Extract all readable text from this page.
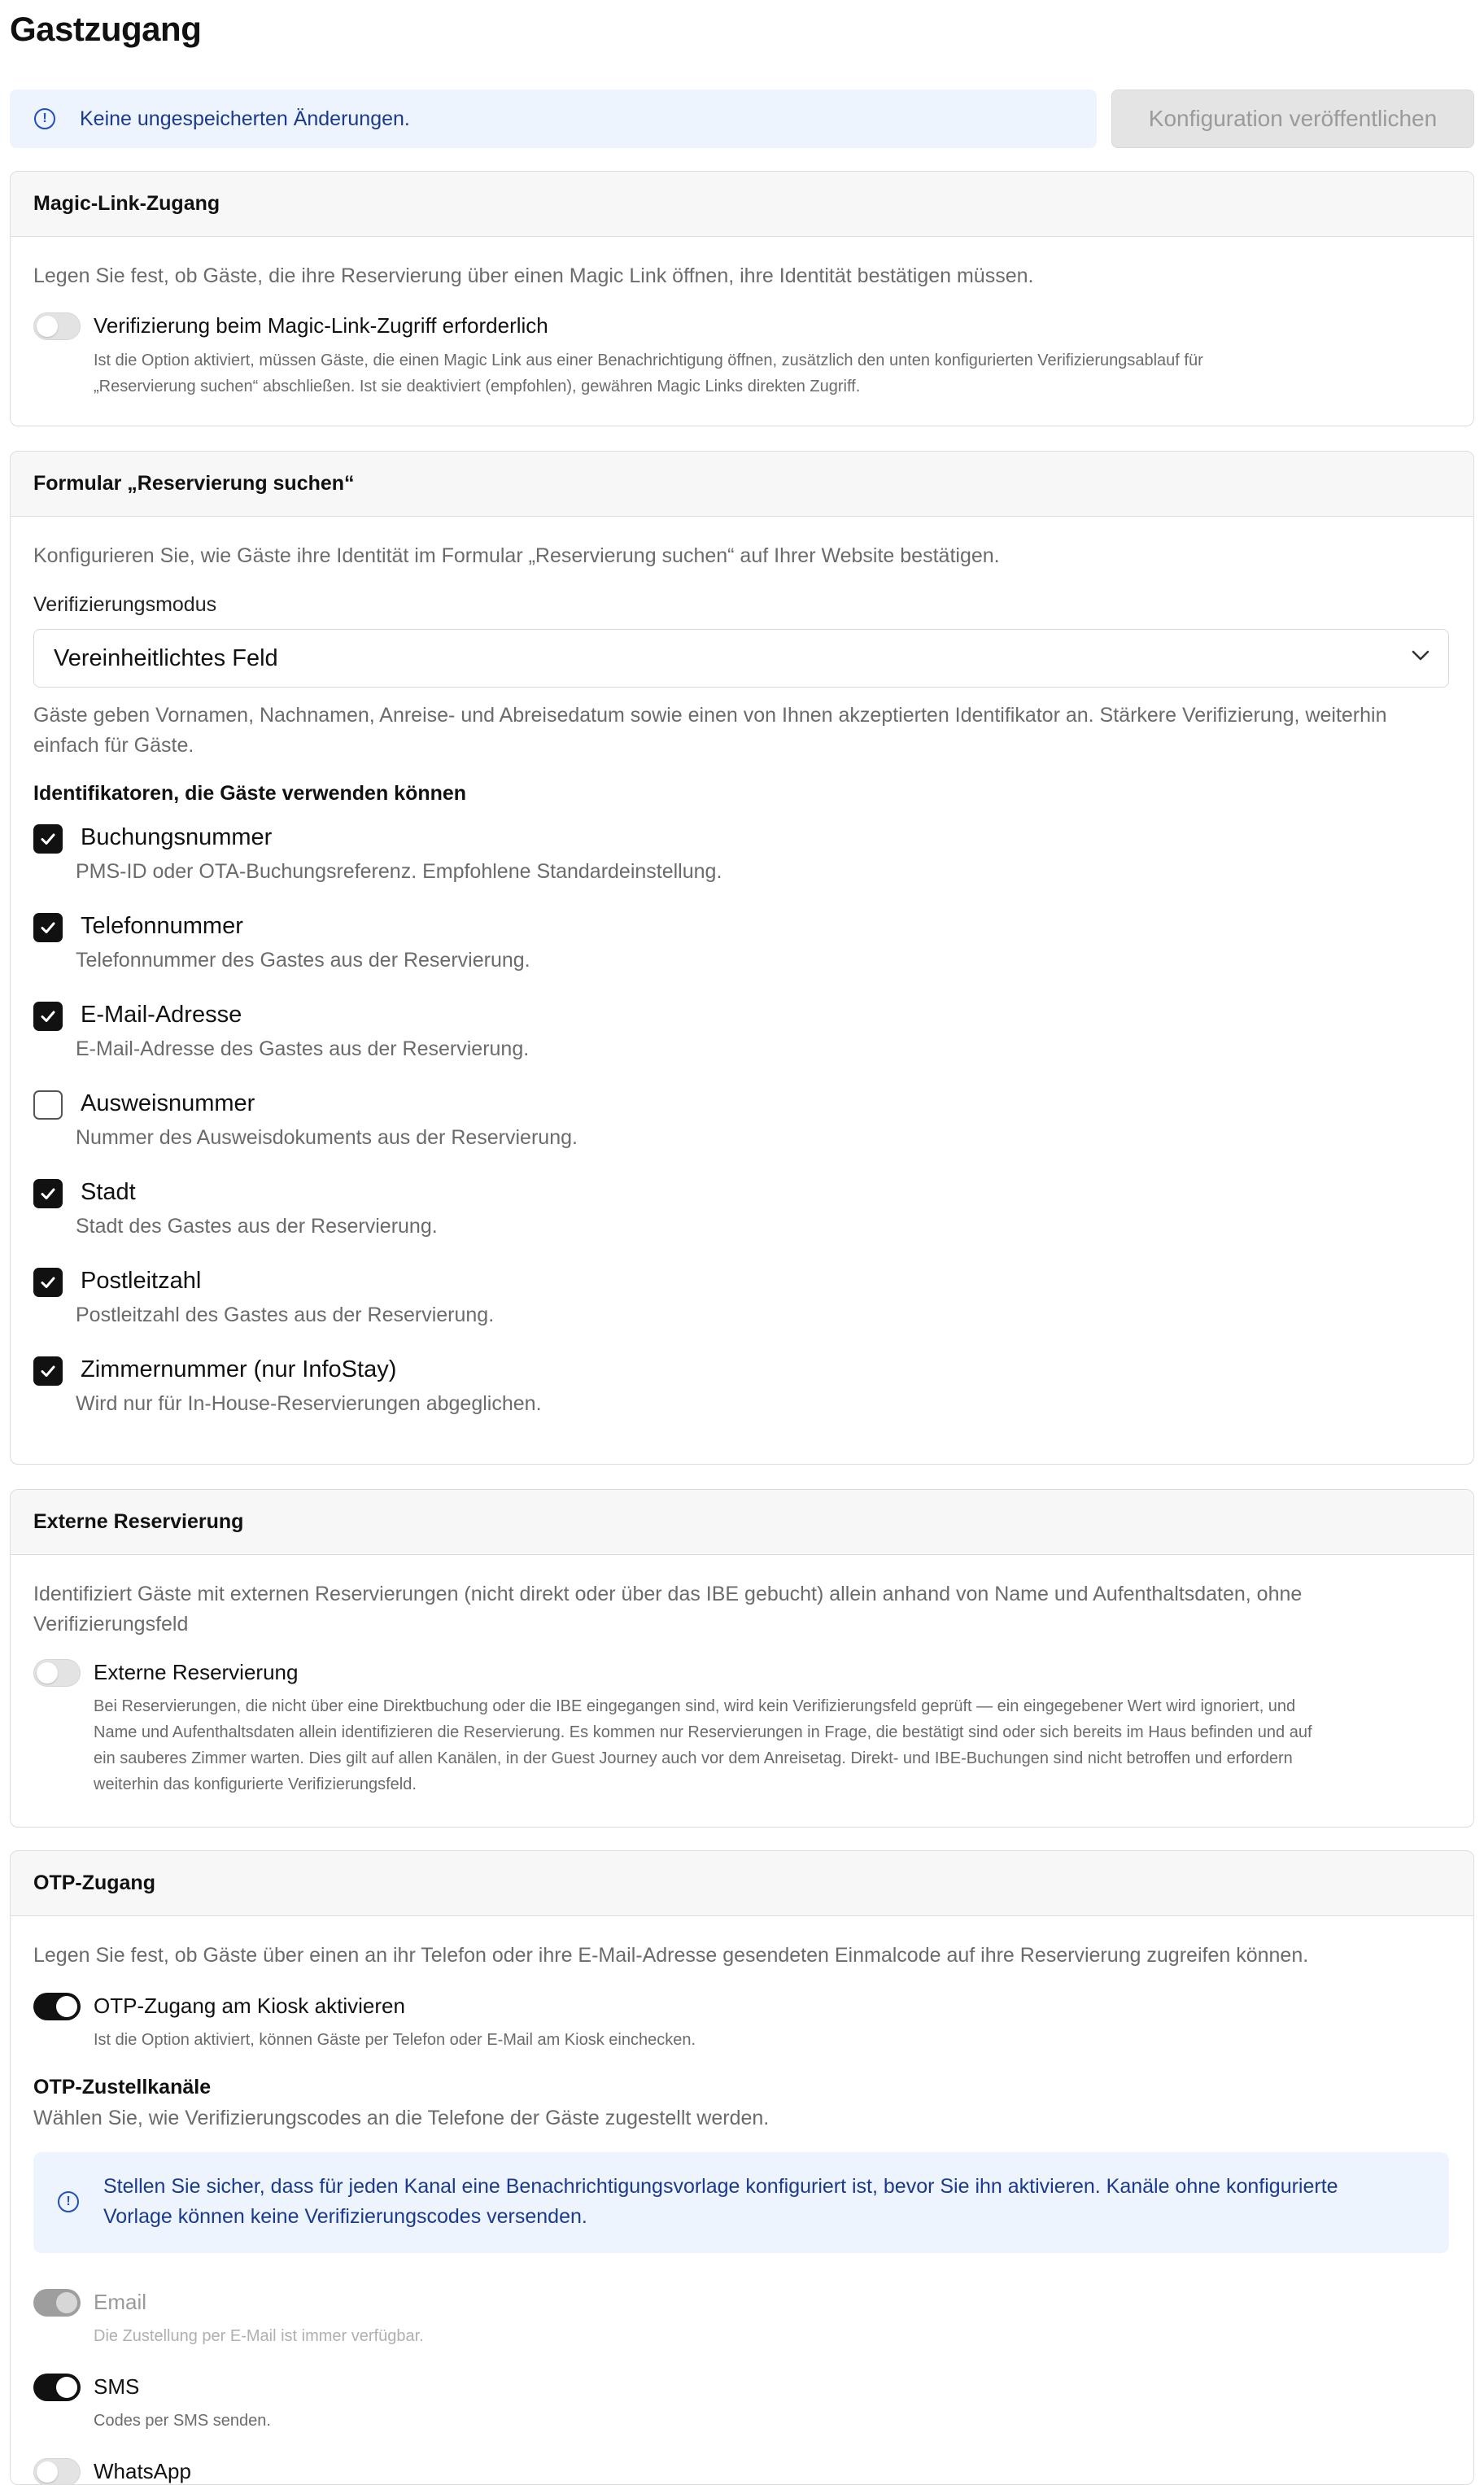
Gastzugang
!	Keine ungespeicherten Änderungen.	Konfiguration veröffentlichen
Magic-Link-Zugang
Legen Sie fest, ob Gäste, die ihre Reservierung über einen Magic Link öffnen, ihre Identität bestätigen müssen.
Verifizierung beim Magic-Link-Zugriff erforderlich
Ist die Option aktiviert, müssen Gäste, die einen Magic Link aus einer Benachrichtigung öffnen, zusätzlich den unten konfigurierten Verifizierungsablauf für
„Reservierung suchen“ abschließen. Ist sie deaktiviert (empfohlen), gewähren Magic Links direkten Zugriff.
Formular „Reservierung suchen“
Konfigurieren Sie, wie Gäste ihre Identität im Formular „Reservierung suchen“ auf Ihrer Website bestätigen.
Verifizierungsmodus
Vereinheitlichtes Feld
Gäste geben Vornamen, Nachnamen, Anreise- und Abreisedatum sowie einen von Ihnen akzeptierten Identifikator an. Stärkere Verifizierung, weiterhin
einfach für Gäste.
Identifikatoren, die Gäste verwenden können
Buchungsnummer
PMS-ID oder OTA-Buchungsreferenz. Empfohlene Standardeinstellung.
Telefonnummer
Telefonnummer des Gastes aus der Reservierung.
E-Mail-Adresse
E-Mail-Adresse des Gastes aus der Reservierung.
Ausweisnummer
Nummer des Ausweisdokuments aus der Reservierung.
Stadt
Stadt des Gastes aus der Reservierung.
Postleitzahl
Postleitzahl des Gastes aus der Reservierung.
Zimmernummer (nur InfoStay)
Wird nur für In-House-Reservierungen abgeglichen.
Externe Reservierung
Identifiziert Gäste mit externen Reservierungen (nicht direkt oder über das IBE gebucht) allein anhand von Name und Aufenthaltsdaten, ohne
Verifizierungsfeld
Externe Reservierung
Bei Reservierungen, die nicht über eine Direktbuchung oder die IBE eingegangen sind, wird kein Verifizierungsfeld geprüft — ein eingegebener Wert wird ignoriert, und
Name und Aufenthaltsdaten allein identifizieren die Reservierung. Es kommen nur Reservierungen in Frage, die bestätigt sind oder sich bereits im Haus befinden und auf
ein sauberes Zimmer warten. Dies gilt auf allen Kanälen, in der Guest Journey auch vor dem Anreisetag. Direkt- und IBE-Buchungen sind nicht betroffen und erfordern
weiterhin das konfigurierte Verifizierungsfeld.
OTP-Zugang
Legen Sie fest, ob Gäste über einen an ihr Telefon oder ihre E-Mail-Adresse gesendeten Einmalcode auf ihre Reservierung zugreifen können.
OTP-Zugang am Kiosk aktivieren
Ist die Option aktiviert, können Gäste per Telefon oder E-Mail am Kiosk einchecken.
OTP-Zustellkanäle
Wählen Sie, wie Verifizierungscodes an die Telefone der Gäste zugestellt werden.
!
Stellen Sie sicher, dass für jeden Kanal eine Benachrichtigungsvorlage konfiguriert ist, bevor Sie ihn aktivieren. Kanäle ohne konfigurierte
Vorlage können keine Verifizierungscodes versenden.
Email
Die Zustellung per E-Mail ist immer verfügbar.
SMS
Codes per SMS senden.
WhatsApp
